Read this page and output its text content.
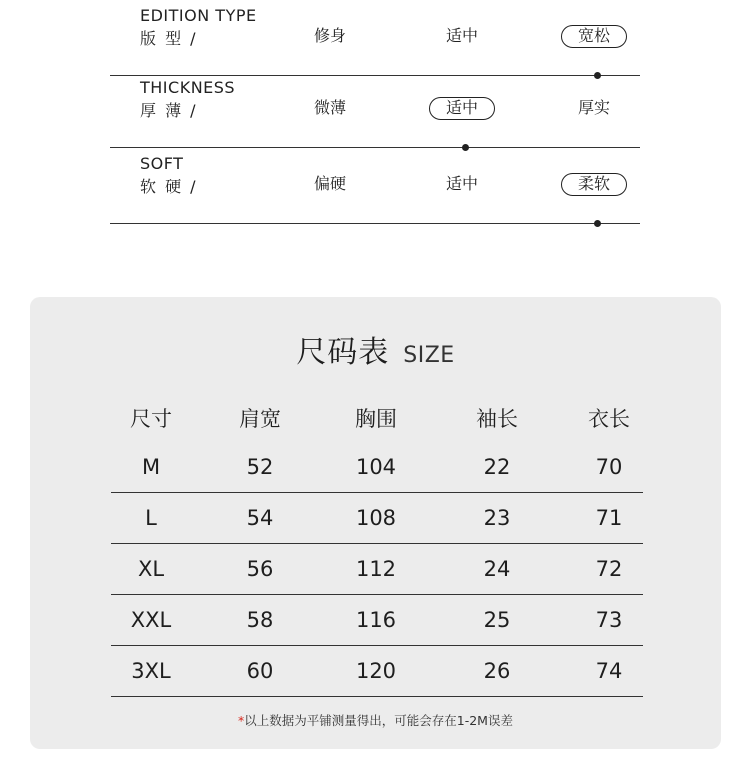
EDITION TYPE
版 型 /	修身	适中	宽松
THICKNESS
厚 薄 /	微薄	适中	厚实
SOFT
软 硬 /	偏硬	适中	柔软
尺码表 SIZE
尺寸	肩宽	胸围	袖长	衣长
M	52	104	22	70
L	54	108	23	71
XL	56	112	24	72
XXL	58	116	25	73
3XL	60	120	26	74
*以上数据为平铺测量得出，可能会存在1-2M误差
